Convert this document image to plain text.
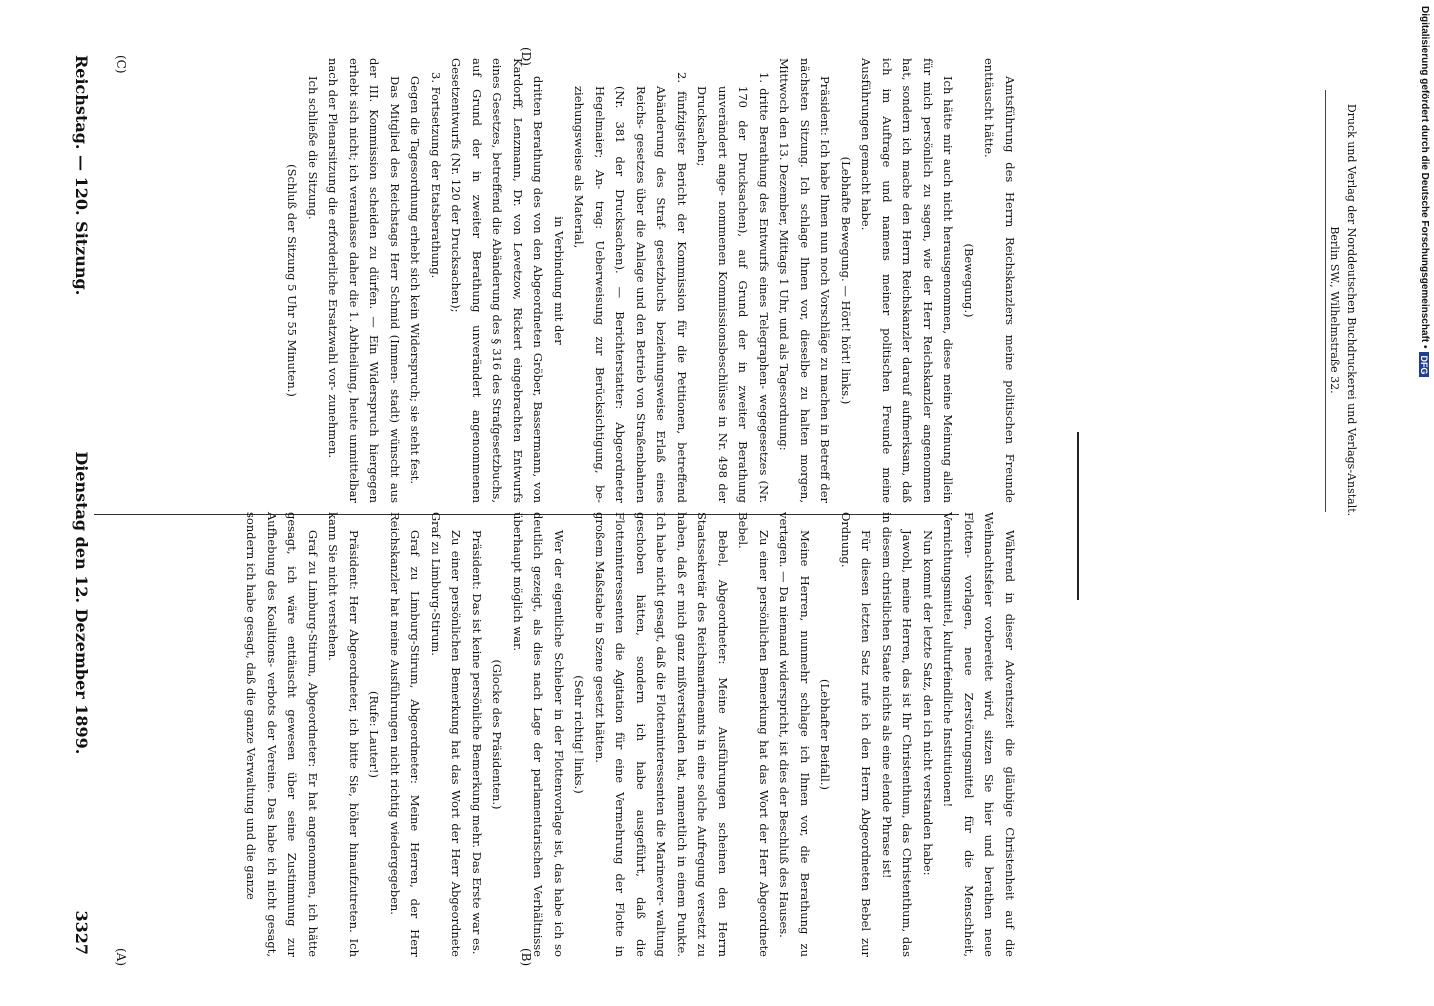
Reichstag. — 120. Sitzung.
Dienstag den 12. Dezember 1899.
3327
(A)	(B)
(C)	(D)

Während in dieser Adventszeit die gläubige Christenheit auf die Weihnachtsfeier vorbereitet wird, sitzen Sie hier und berathen neue Flotten- vorlagen, neue Zerstörungsmittel für die Menschheit, Vernichtungsmittel, kulturfeindliche Institutionen!

Nun kommt der letzte Satz, den ich nicht verstanden habe:

Jawohl, meine Herren, das ist Ihr Christenthum, das Christenthum, das in diesem christlichen Staate nichts als eine elende Phrase ist!

Für diesen letzten Satz rufe ich den Herrn Abgeordneten Bebel zur Ordnung.

(Lebhafter Beifall.)

Meine Herren, nunmehr schlage ich Ihnen vor, die Berathung zu vertagen. — Da niemand widerspricht, ist dies der Beschluß des Hauses.

Zu einer persönlichen Bemerkung hat das Wort der Herr Abgeordnete Bebel.

Bebel, Abgeordneter: Meine Ausführungen scheinen den Herrn Staatssekretär des Reichsmarineamts in eine solche Aufregung versetzt zu haben, daß er mich ganz mißverstanden hat, namentlich in einem Punkte. Ich habe nicht gesagt, daß die Flotteninteressenten die Marinever- waltung geschoben hätten, sondern ich habe ausgeführt, daß die Flotteninteressenten die Agitation für eine Vermehrung der Flotte in großem Maßstabe in Szene gesetzt hätten.

(Sehr richtig! links.)

Wer der eigentliche Schieber in der Flottenvorlage ist, das habe ich so deutlich gezeigt, als dies nach Lage der parlamentarischen Verhältnisse überhaupt möglich war.

(Glocke des Präsidenten.)

Präsident: Das ist keine persönliche Bemerkung mehr. Das Erste war es.

Zu einer persönlichen Bemerkung hat das Wort der Herr Abgeordnete Graf zu Limburg-Stirum.

Graf zu Limburg-Stirum, Abgeordneter: Meine Herren, der Herr Reichskanzler hat meine Ausführungen nicht richtig wiedergegeben.

(Rufe: Lauter!)

Präsident: Herr Abgeordneter, ich bitte Sie, höher hinaufzutreten. Ich kann Sie nicht verstehen.

Graf zu Limburg-Stirum, Abgeordneter: Er hat angenommen, ich hätte gesagt, ich wäre enttäuscht gewesen über seine Zustimmung zur Aufhebung des Koalitions- verbots der Vereine. Das habe ich nicht gesagt, sondern ich habe gesagt, daß die ganze Verwaltung und die ganze

Amtsführung des Herrn Reichskanzlers meine politischen Freunde enttäuscht hätte.

(Bewegung.)

Ich hätte mir auch nicht herausgenommen, diese meine Meinung allein für mich persönlich zu sagen, wie der Herr Reichskanzler angenommen hat, sondern ich mache den Herrn Reichskanzler darauf aufmerksam, daß ich im Auftrage und namens meiner politischen Freunde meine Ausführungen gemacht habe.

(Lebhafte Bewegung. — Hört! hört! links.)

Präsident: Ich habe Ihnen nun noch Vorschläge zu machen in Betreff der nächsten Sitzung. Ich schlage Ihnen vor, dieselbe zu halten morgen, Mittwoch den 13. Dezember, Mittags 1 Uhr, und als Tagesordnung:

1. dritte Berathung des Entwurfs eines Telegraphen- wegegesetzes (Nr. 170 der Drucksachen), auf Grund der in zweiter Berathung unverändert ange- nommenen Kommissionsbeschlüsse in Nr. 498 der Drucksachen;

2. fünfzigster Bericht der Kommission für die Petitionen, betreffend Abänderung des Straf- gesetzbuchs beziehungsweise Erlaß eines Reichs- gesetzes über die Anlage und den Betrieb von Straßenbahnen (Nr. 381 der Drucksachen). — Berichterstatter: Abgeordneter Hegelmaier; An- trag: Ueberweisung zur Berücksichtigung, be- ziehungsweise als Material,

in Verbindung mit der

dritten Berathung des von den Abgeordneten Gröber, Bassermann, von Kardorff, Lenzmann, Dr. von Levetzow, Rickert eingebrachten Entwurfs eines Gesetzes, betreffend die Abänderung des § 316 des Strafgesetzbuchs, auf Grund der in zweiter Berathung unverändert angenommenen Gesetzentwurfs (Nr. 120 der Drucksachen);

3. Fortsetzung der Etatsberathung.

Gegen die Tagesordnung erhebt sich kein Widerspruch; sie steht fest.

Das Mitglied des Reichstags Herr Schmid (Immen- stadt) wünscht aus der III. Kommission scheiden zu dürfen. — Ein Widerspruch hiergegen erhebt sich nicht; ich veranlasse daher die 1. Abtheilung, heute unmittelbar nach der Plenarsitzung die erforderliche Ersatzwahl vor- zunehmen.

Ich schließe die Sitzung.

(Schluß der Sitzung 5 Uhr 55 Minuten.)	Druck und Verlag der Norddeutschen Buchdruckerei und Verlags-Anstalt.

Berlin SW., Wilhelmstraße 32.	Digitalisierung gefördert durch die Deutsche Forschungsgemeinschaft •
DFG
